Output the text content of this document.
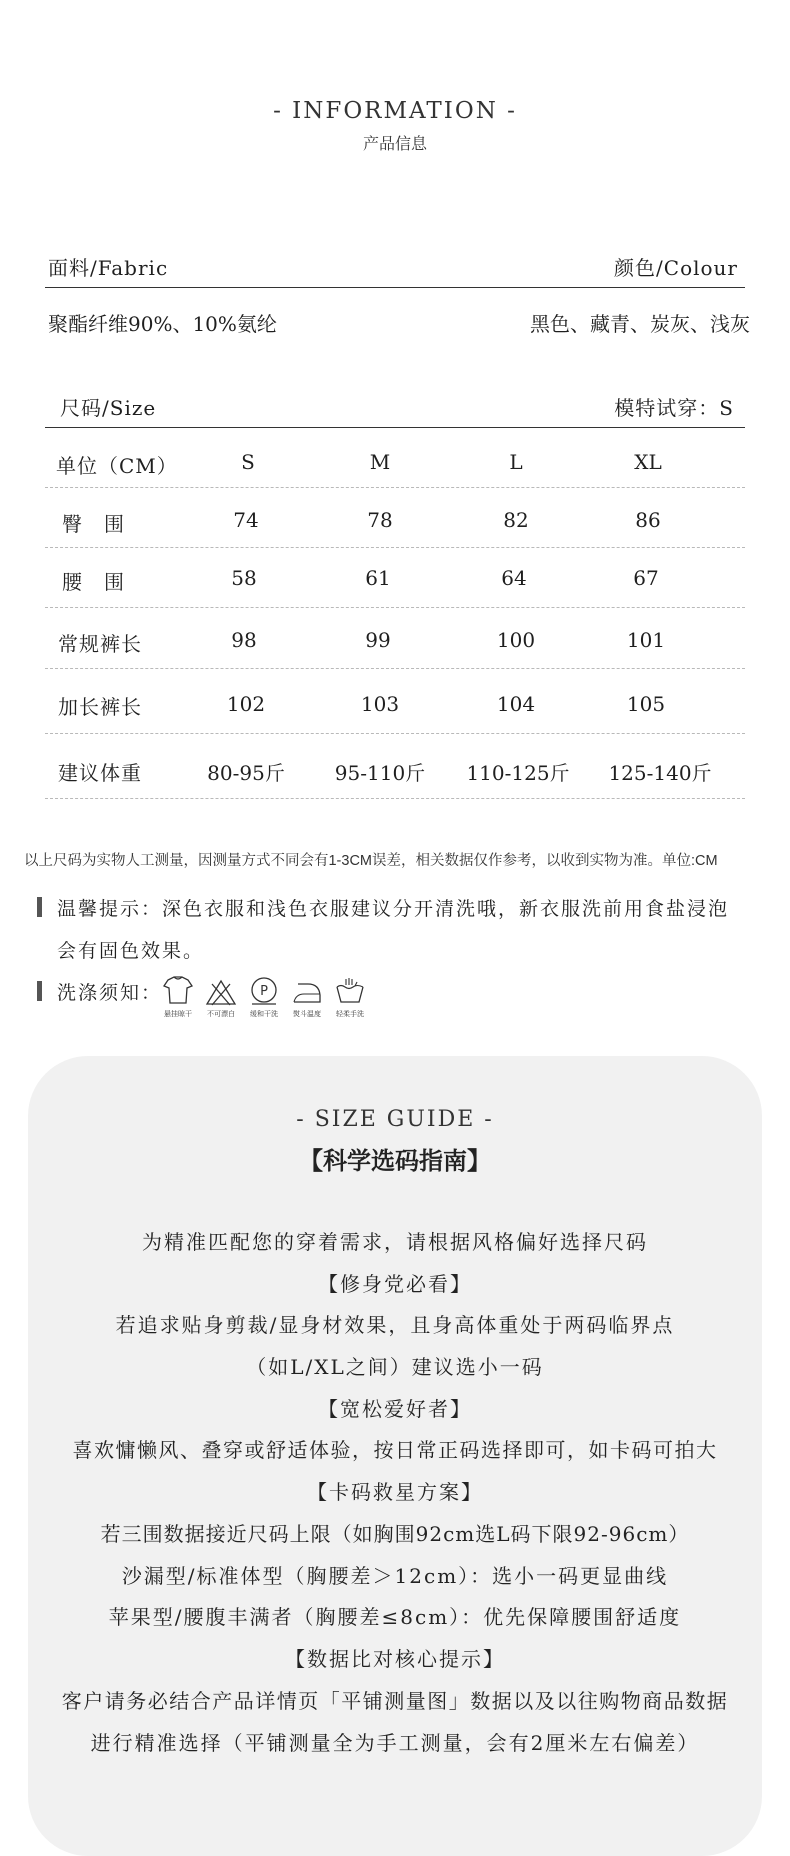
- INFORMATION -
产品信息
面料/Fabric	颜色/Colour
聚酯纤维90%、10%氨纶	黑色、藏青、炭灰、浅灰
尺码/Size	模特试穿：S
单位（CM）	S	M	L	XL
臀　围	74	78	82	86
腰　围	58	61	64	67
常规裤长	98	99	100	101
加长裤长	102	103	104	105
建议体重	80-95斤	95-110斤	110-125斤	125-140斤
以上尺码为实物人工测量，因测量方式不同会有1-3CM误差，相关数据仅作参考，以收到实物为准。单位:CM
温馨提示：深色衣服和浅色衣服建议分开清洗哦，新衣服洗前用食盐浸泡
会有固色效果。
洗涤须知：
悬挂晾干	不可漂白
P
缓和干洗	熨斗温度	轻柔手洗
- SIZE GUIDE -
【科学选码指南】
为精准匹配您的穿着需求，请根据风格偏好选择尺码
【修身党必看】
若追求贴身剪裁/显身材效果，且身高体重处于两码临界点
（如L/XL之间）建议选小一码
【宽松爱好者】
喜欢慵懒风、叠穿或舒适体验，按日常正码选择即可，如卡码可拍大
【卡码救星方案】
若三围数据接近尺码上限（如胸围92cm选L码下限92-96cm）
沙漏型/标准体型（胸腰差＞12cm）：选小一码更显曲线
苹果型/腰腹丰满者（胸腰差≤8cm）：优先保障腰围舒适度
【数据比对核心提示】
客户请务必结合产品详情页「平铺测量图」数据以及以往购物商品数据
进行精准选择（平铺测量全为手工测量，会有2厘米左右偏差）
